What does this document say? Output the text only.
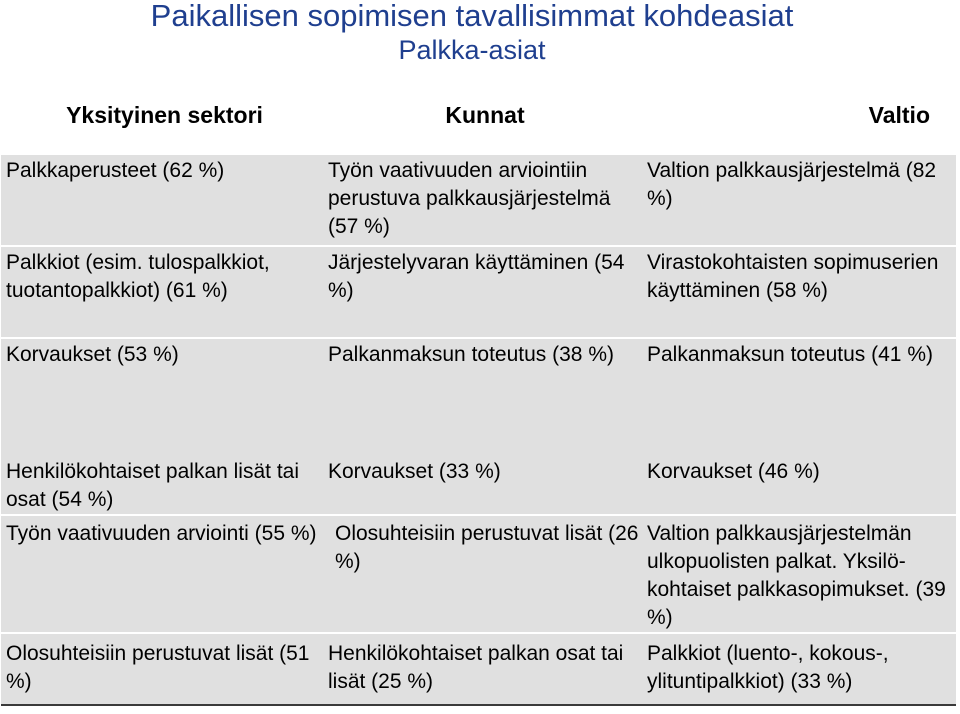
Paikallisen sopimisen tavallisimmat kohdeasiat
Palkka-asiat
Yksityinen sektori	Kunnat	Valtio
Palkkaperusteet (62 %)	Työn vaativuuden arviointiin perustuva palkkausjärjestelmä (57 %)	Valtion palkkausjärjestelmä (82 %)
Palkkiot (esim. tulospalkkiot, tuotantopalkkiot) (61 %)	Järjestelyvaran käyttäminen (54 %)	Virastokohtaisten sopimuserien käyttäminen (58 %)
Korvaukset (53 %)	Palkanmaksun toteutus (38 %)	Palkanmaksun toteutus (41 %)
Henkilökohtaiset palkan lisät tai osat (54 %)	Korvaukset (33 %)	Korvaukset (46 %)
Työn vaativuuden arviointi (55 %)	Olosuhteisiin perustuvat lisät (26 %)	Valtion palkkausjärjestelmän ulkopuolisten palkat. Yksilö-kohtaiset palkkasopimukset. (39 %)
Olosuhteisiin perustuvat lisät (51 %)	Henkilökohtaiset palkan osat tai lisät (25 %)	Palkkiot (luento-, kokous-, ylituntipalkkiot) (33 %)
